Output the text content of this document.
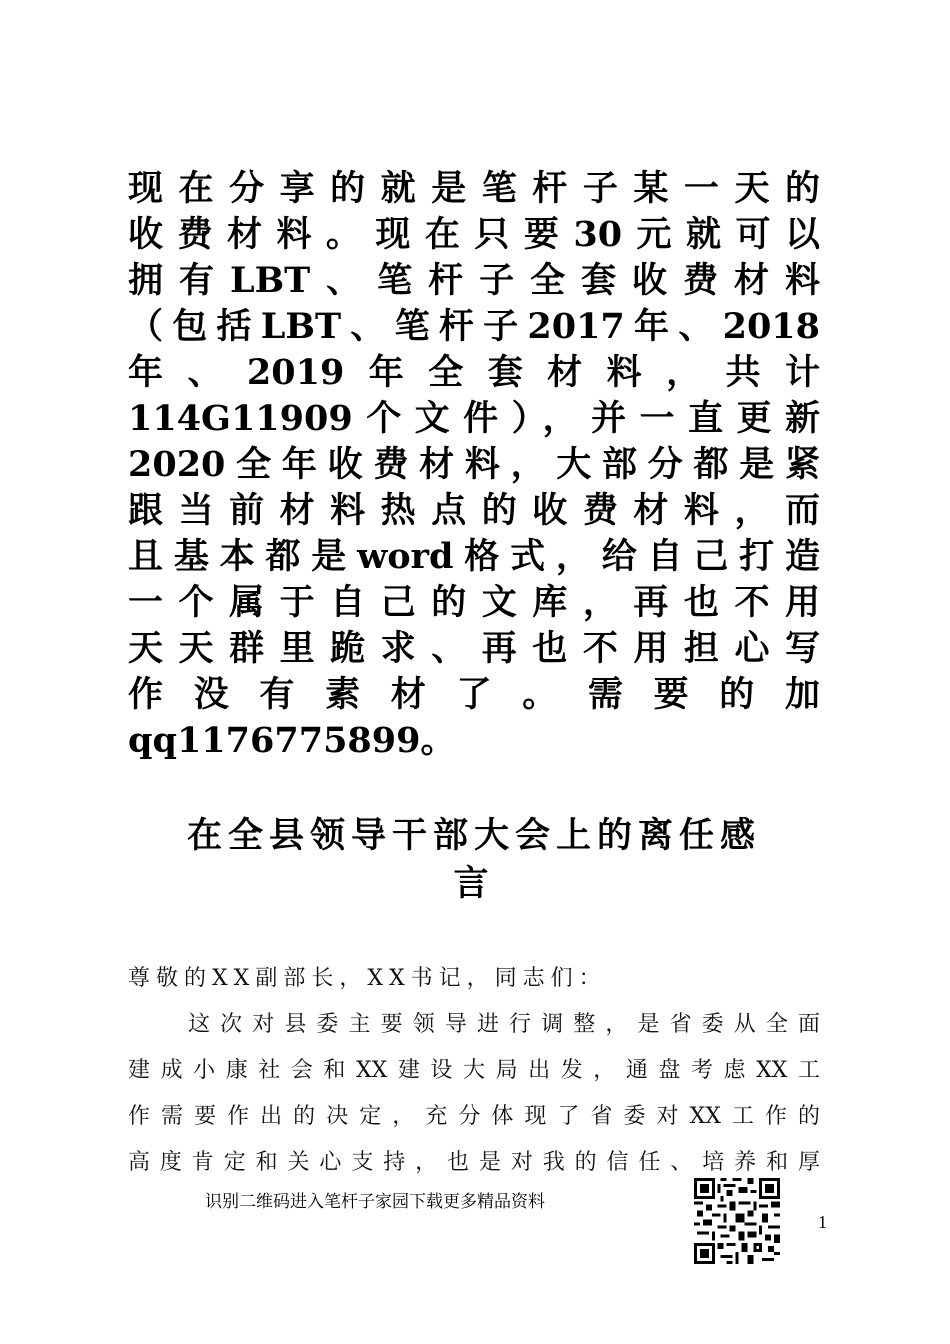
现在分享的就是笔杆子某一天的
收费材料。现在只要30元就可以
拥有LBT、笔杆子全套收费材料
（包括LBT、笔杆子2017年、2018
年、2019年全套材料，共计
114G11909个文件），并一直更新
2020全年收费材料，大部分都是紧
跟当前材料热点的收费材料，而
且基本都是word格式，给自己打造
一个属于自己的文库，再也不用
天天群里跪求、再也不用担心写
作没有素材了。需要的加
qq1176775899。
在全县领导干部大会上的离任感
言
尊敬的XX副部长，XX书记，同志们：
这次对县委主要领导进行调整，是省委从全面
建成小康社会和XX建设大局出发，通盘考虑XX工
作需要作出的决定，充分体现了省委对XX工作的
高度肯定和关心支持，也是对我的信任、培养和厚
识别二维码进入笔杆子家园下载更多精品资料
1
